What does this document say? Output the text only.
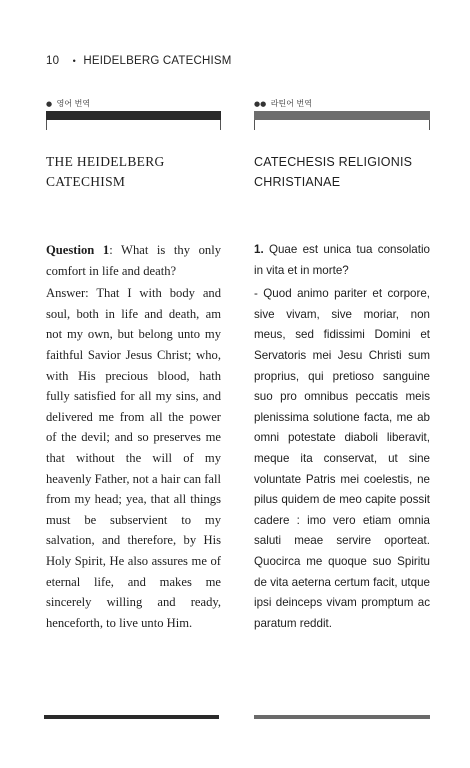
10 • HEIDELBERG CATECHISM
● 영어 번역
THE HEIDELBERG
CATECHISM
●● 라틴어 번역
CATECHESIS RELIGIONIS
CHRISTIANAE

Question 1: What is thy only comfort in life and death?

Answer: That I with body and soul, both in life and death, am not my own, but belong unto my faithful Savior Jesus Christ; who, with His precious blood, hath fully satisfied for all my sins, and delivered me from all the power of the devil; and so preserves me that without the will of my heavenly Father, not a hair can fall from my head; yea, that all things must be subservient to my salvation, and therefore, by His Holy Spirit, He also assures me of eternal life, and makes me sincerely willing and ready, henceforth, to live unto Him.

1. Quae est unica tua consolatio in vita et in morte?

- Quod animo pariter et corpore, sive vivam, sive moriar, non meus, sed fidissimi Domini et Servatoris mei Jesu Christi sum proprius, qui pretioso sanguine suo pro omnibus peccatis meis plenissima solutione facta, me ab omni potestate diaboli liberavit, meque ita conservat, ut sine voluntate Patris mei coelestis, ne pilus quidem de meo capite possit cadere : imo vero etiam omnia saluti meae servire oporteat. Quocirca me quoque suo Spiritu de vita aeterna certum facit, utque ipsi deinceps vivam promptum ac paratum reddit.
